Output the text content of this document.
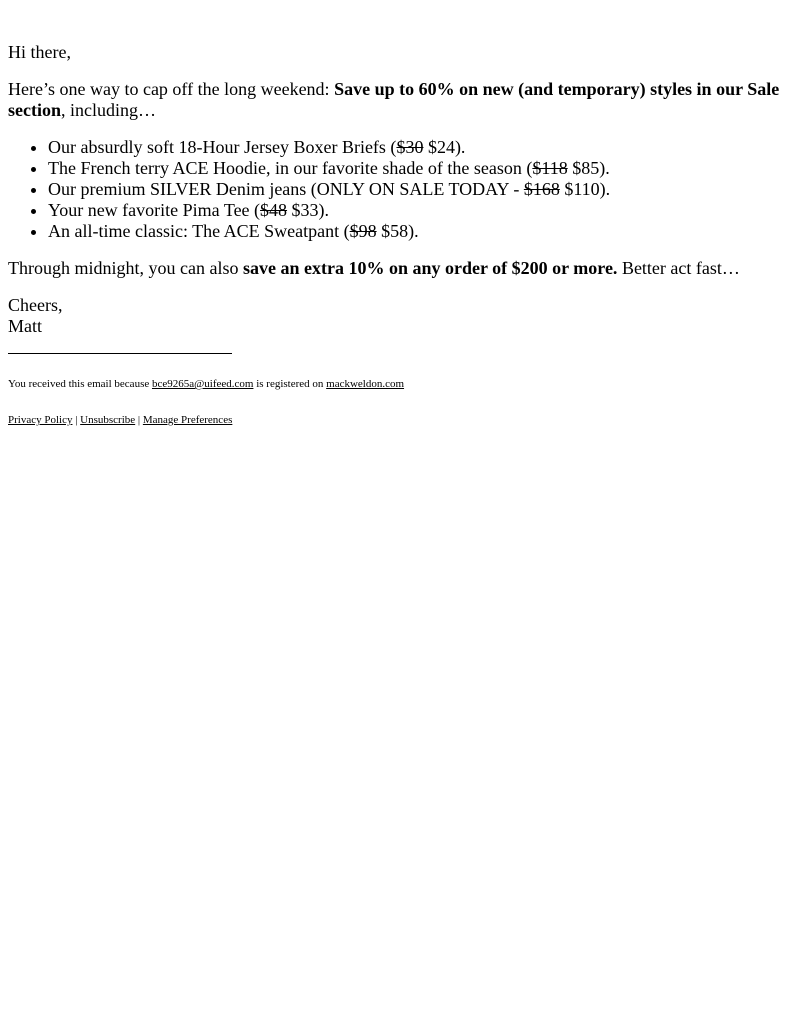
Hi there,

Here’s one way to cap off the long weekend: Save up to 60% on new (and temporary) styles in our Sale section, including…

• Our absurdly soft 18-Hour Jersey Boxer Briefs ($30 $24).
• The French terry ACE Hoodie, in our favorite shade of the season ($118 $85).
• Our premium SILVER Denim jeans (ONLY ON SALE TODAY - $168 $110).
• Your new favorite Pima Tee ($48 $33).
• An all-time classic: The ACE Sweatpant ($98 $58).

Through midnight, you can also save an extra 10% on any order of $200 or more. Better act fast…

Cheers,
Matt

You received this email because bce9265a@uifeed.com is registered on mackweldon.com

Privacy Policy | Unsubscribe | Manage Preferences
